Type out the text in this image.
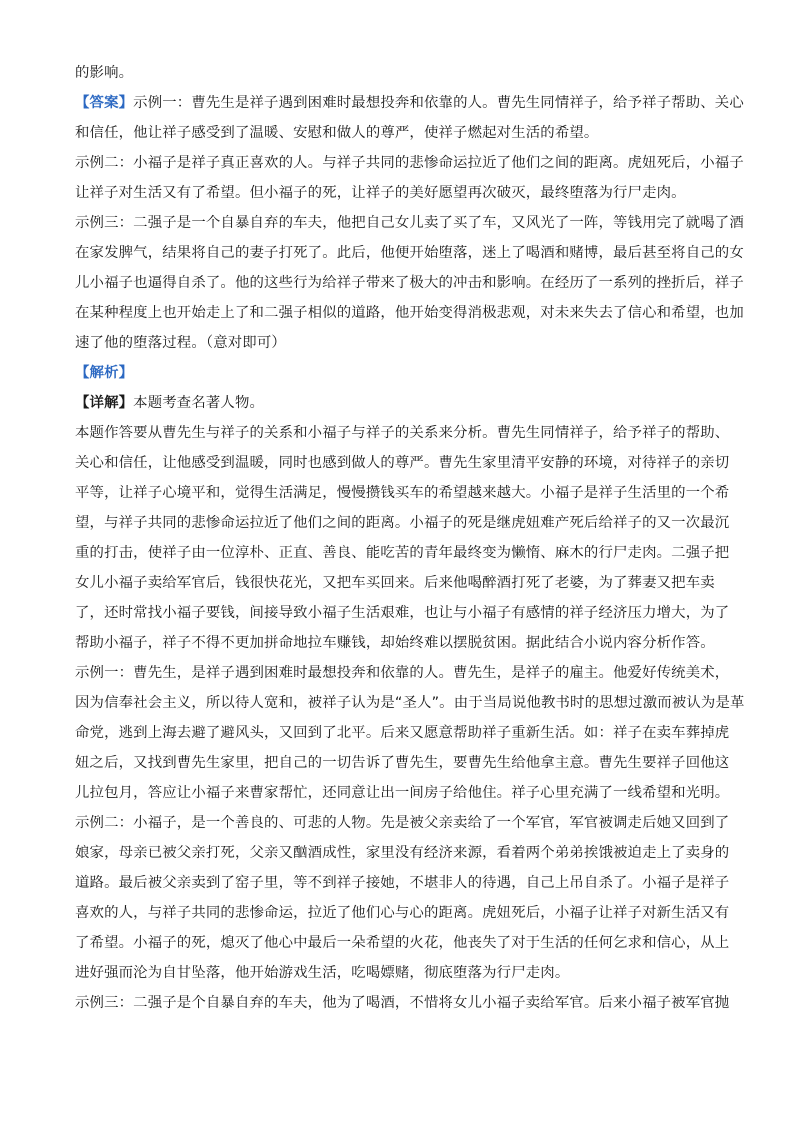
的影响。
【答案】示例一：曹先生是祥子遇到困难时最想投奔和依靠的人。曹先生同情祥子，给予祥子帮助、关心
和信任，他让祥子感受到了温暖、安慰和做人的尊严，使祥子燃起对生活的希望。
示例二：小福子是祥子真正喜欢的人。与祥子共同的悲惨命运拉近了他们之间的距离。虎妞死后，小福子
让祥子对生活又有了希望。但小福子的死，让祥子的美好愿望再次破灭，最终堕落为行尸走肉。
示例三：二强子是一个自暴自弃的车夫，他把自己女儿卖了买了车，又风光了一阵，等钱用完了就喝了酒
在家发脾气，结果将自己的妻子打死了。此后，他便开始堕落，迷上了喝酒和赌博，最后甚至将自己的女
儿小福子也逼得自杀了。他的这些行为给祥子带来了极大的冲击和影响。在经历了一系列的挫折后，祥子
在某种程度上也开始走上了和二强子相似的道路，他开始变得消极悲观，对未来失去了信心和希望，也加
速了他的堕落过程。（意对即可）
【解析】
【详解】本题考查名著人物。
本题作答要从曹先生与祥子的关系和小福子与祥子的关系来分析。曹先生同情祥子，给予祥子的帮助、
关心和信任，让他感受到温暖，同时也感到做人的尊严。曹先生家里清平安静的环境，对待祥子的亲切
平等，让祥子心境平和，觉得生活满足，慢慢攒钱买车的希望越来越大。小福子是祥子生活里的一个希
望，与祥子共同的悲惨命运拉近了他们之间的距离。小福子的死是继虎妞难产死后给祥子的又一次最沉
重的打击，使祥子由一位淳朴、正直、善良、能吃苦的青年最终变为懒惰、麻木的行尸走肉。二强子把
女儿小福子卖给军官后，钱很快花光，又把车买回来。后来他喝醉酒打死了老婆，为了葬妻又把车卖
了，还时常找小福子要钱，间接导致小福子生活艰难，也让与小福子有感情的祥子经济压力增大，为了
帮助小福子，祥子不得不更加拼命地拉车赚钱，却始终难以摆脱贫困。据此结合小说内容分析作答。
示例一：曹先生，是祥子遇到困难时最想投奔和依靠的人。曹先生，是祥子的雇主。他爱好传统美术，
因为信奉社会主义，所以待人宽和，被祥子认为是“圣人”。由于当局说他教书时的思想过激而被认为是革
命党，逃到上海去避了避风头，又回到了北平。后来又愿意帮助祥子重新生活。如：祥子在卖车葬掉虎
妞之后，又找到曹先生家里，把自己的一切告诉了曹先生，要曹先生给他拿主意。曹先生要祥子回他这
儿拉包月，答应让小福子来曹家帮忙，还同意让出一间房子给他住。祥子心里充满了一线希望和光明。
示例二：小福子，是一个善良的、可悲的人物。先是被父亲卖给了一个军官，军官被调走后她又回到了
娘家，母亲已被父亲打死，父亲又酗酒成性，家里没有经济来源，看着两个弟弟挨饿被迫走上了卖身的
道路。最后被父亲卖到了窑子里，等不到祥子接她，不堪非人的待遇，自己上吊自杀了。小福子是祥子
喜欢的人，与祥子共同的悲惨命运，拉近了他们心与心的距离。虎妞死后，小福子让祥子对新生活又有
了希望。小福子的死，熄灭了他心中最后一朵希望的火花，他丧失了对于生活的任何乞求和信心，从上
进好强而沦为自甘坠落，他开始游戏生活，吃喝嫖赌，彻底堕落为行尸走肉。
示例三：二强子是个自暴自弃的车夫，他为了喝酒，不惜将女儿小福子卖给军官。后来小福子被军官抛
